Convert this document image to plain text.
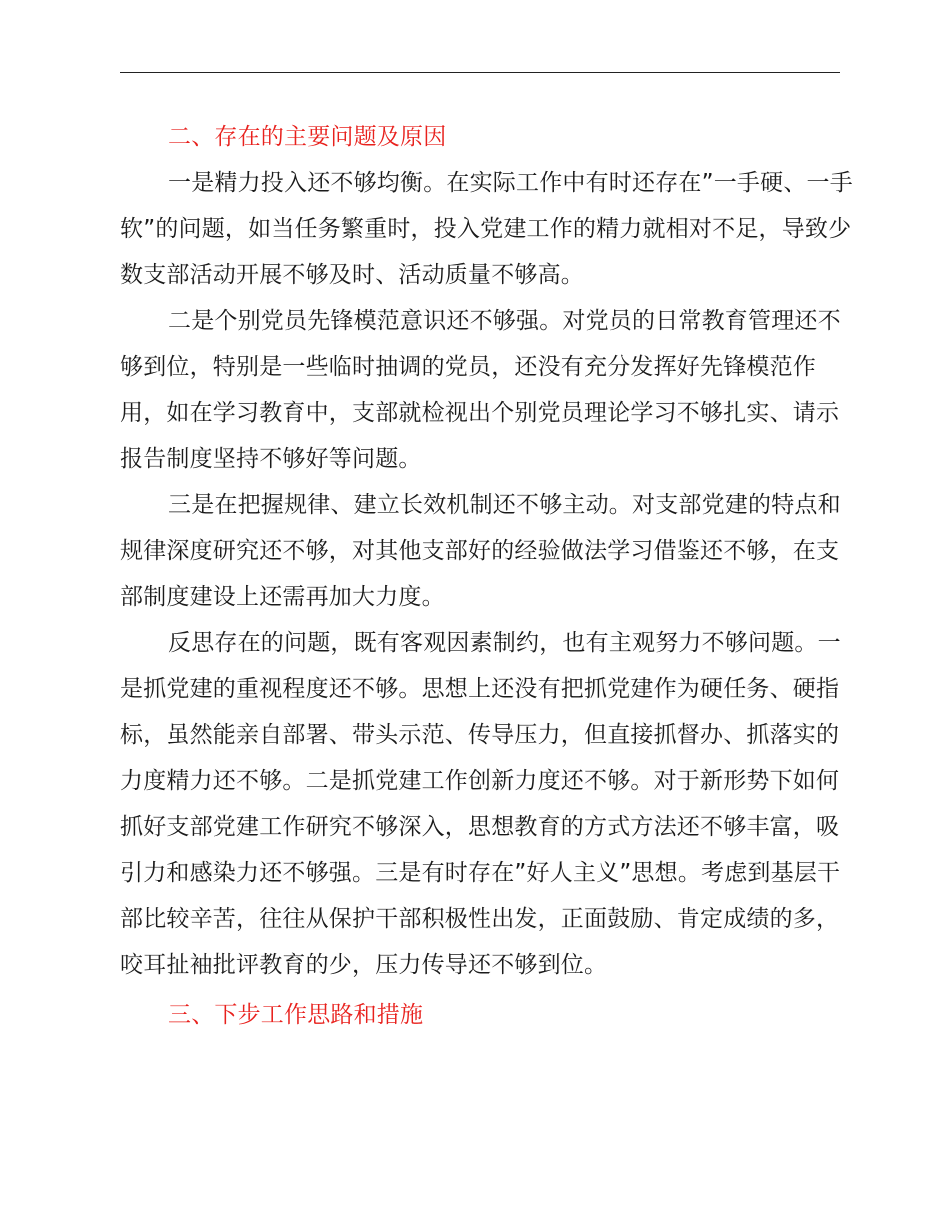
二、存在的主要问题及原因

一是精力投入还不够均衡。在实际工作中有时还存在”一手硬、一手软”的问题，如当任务繁重时，投入党建工作的精力就相对不足，导致少数支部活动开展不够及时、活动质量不够高。

二是个别党员先锋模范意识还不够强。对党员的日常教育管理还不够到位，特别是一些临时抽调的党员，还没有充分发挥好先锋模范作用，如在学习教育中，支部就检视出个别党员理论学习不够扎实、请示报告制度坚持不够好等问题。

三是在把握规律、建立长效机制还不够主动。对支部党建的特点和规律深度研究还不够，对其他支部好的经验做法学习借鉴还不够，在支部制度建设上还需再加大力度。

反思存在的问题，既有客观因素制约，也有主观努力不够问题。一是抓党建的重视程度还不够。思想上还没有把抓党建作为硬任务、硬指标，虽然能亲自部署、带头示范、传导压力，但直接抓督办、抓落实的力度精力还不够。二是抓党建工作创新力度还不够。对于新形势下如何抓好支部党建工作研究不够深入，思想教育的方式方法还不够丰富，吸引力和感染力还不够强。三是有时存在”好人主义”思想。考虑到基层干部比较辛苦，往往从保护干部积极性出发，正面鼓励、肯定成绩的多，咬耳扯袖批评教育的少，压力传导还不够到位。

三、下步工作思路和措施
